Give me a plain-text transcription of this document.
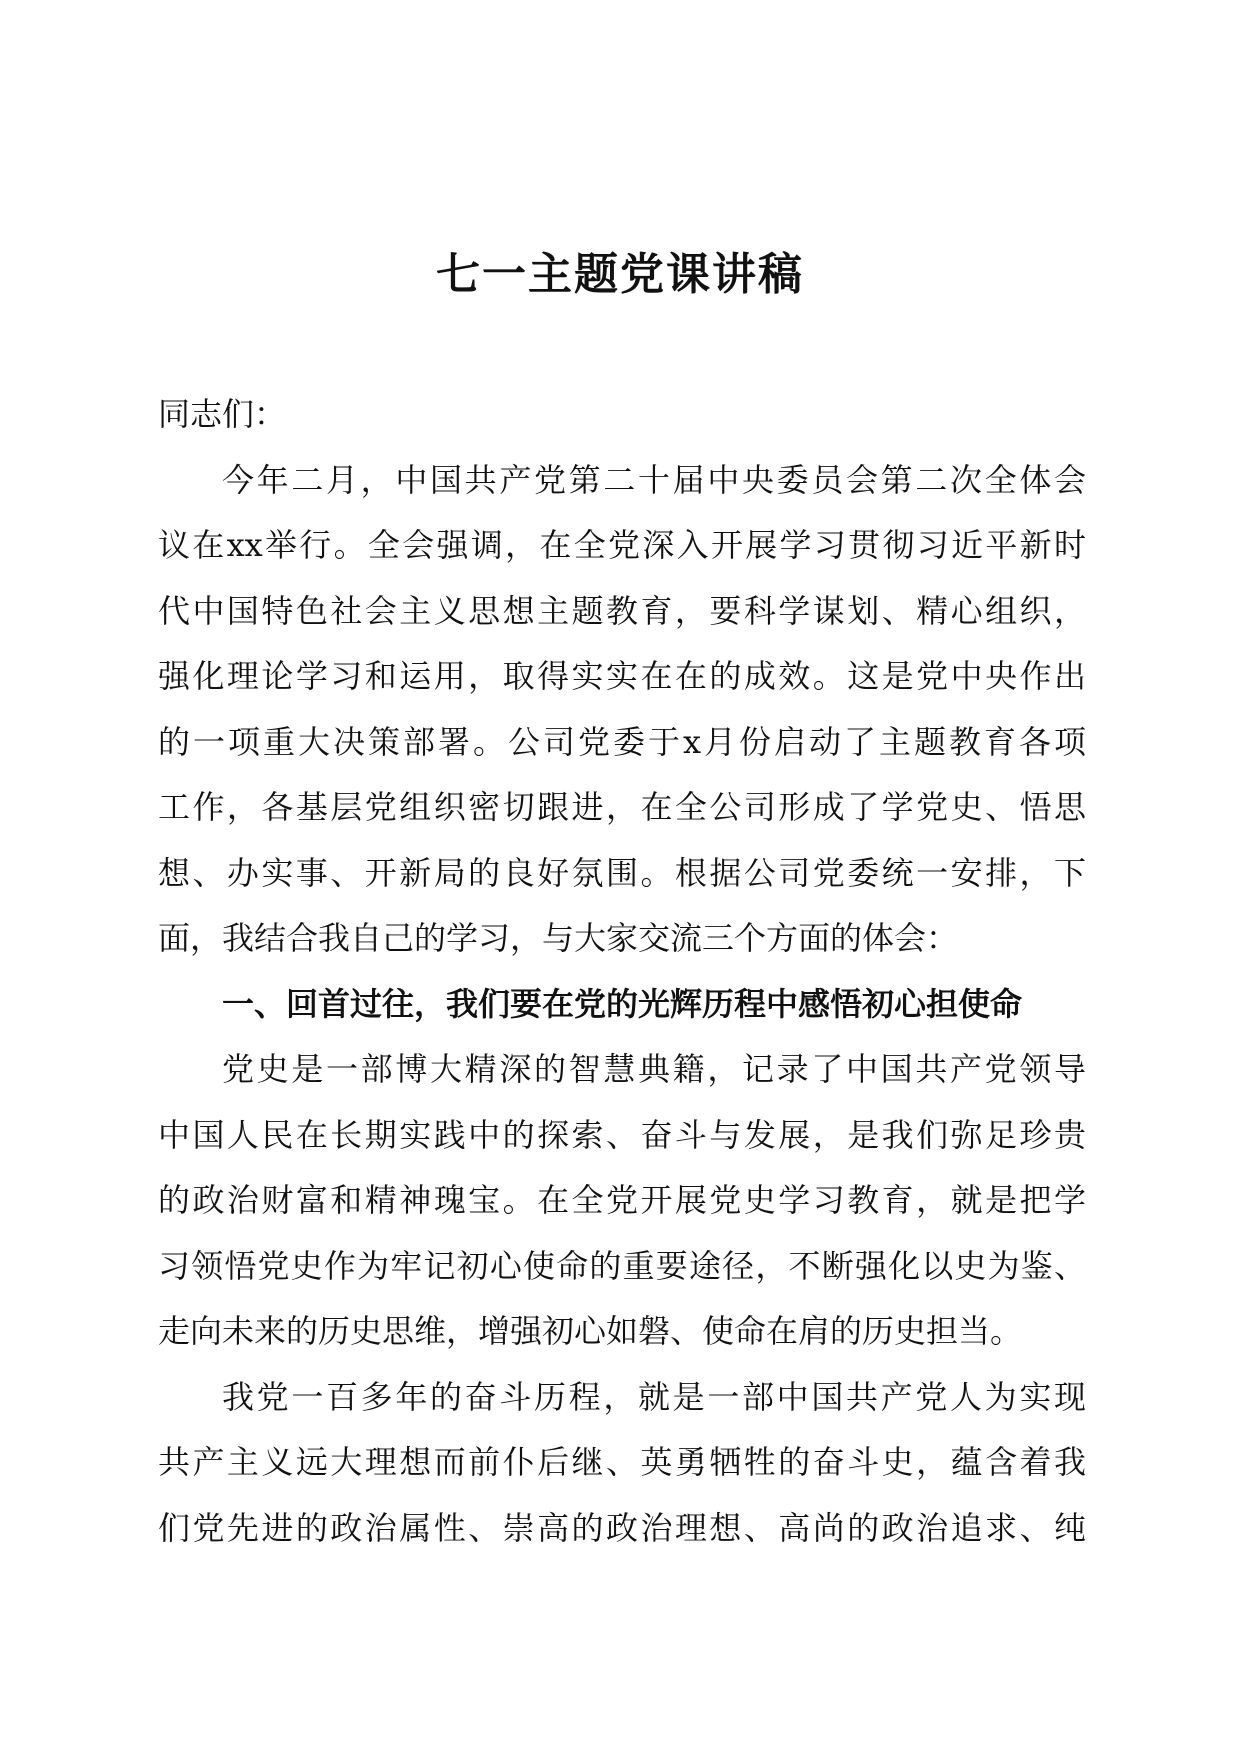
七一主题党课讲稿
同志们：
今年二月，中国共产党第二十届中央委员会第二次全体会
议在xx举行。全会强调，在全党深入开展学习贯彻习近平新时
代中国特色社会主义思想主题教育，要科学谋划、精心组织，
强化理论学习和运用，取得实实在在的成效。这是党中央作出
的一项重大决策部署。公司党委于x月份启动了主题教育各项
工作，各基层党组织密切跟进，在全公司形成了学党史、悟思
想、办实事、开新局的良好氛围。根据公司党委统一安排，下
面，我结合我自己的学习，与大家交流三个方面的体会：
一、回首过往，我们要在党的光辉历程中感悟初心担使命
党史是一部博大精深的智慧典籍，记录了中国共产党领导
中国人民在长期实践中的探索、奋斗与发展，是我们弥足珍贵
的政治财富和精神瑰宝。在全党开展党史学习教育，就是把学
习领悟党史作为牢记初心使命的重要途径，不断强化以史为鉴、
走向未来的历史思维，增强初心如磐、使命在肩的历史担当。
我党一百多年的奋斗历程，就是一部中国共产党人为实现
共产主义远大理想而前仆后继、英勇牺牲的奋斗史，蕴含着我
们党先进的政治属性、崇高的政治理想、高尚的政治追求、纯
